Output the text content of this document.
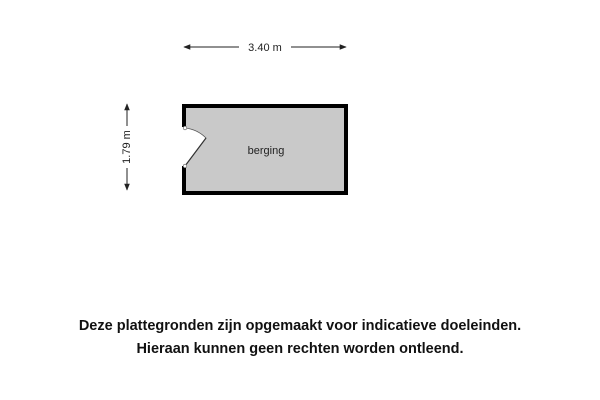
3.40 m
1.79 m	berging
Deze plattegronden zijn opgemaakt voor indicatieve doeleinden.
Hieraan kunnen geen rechten worden ontleend.
